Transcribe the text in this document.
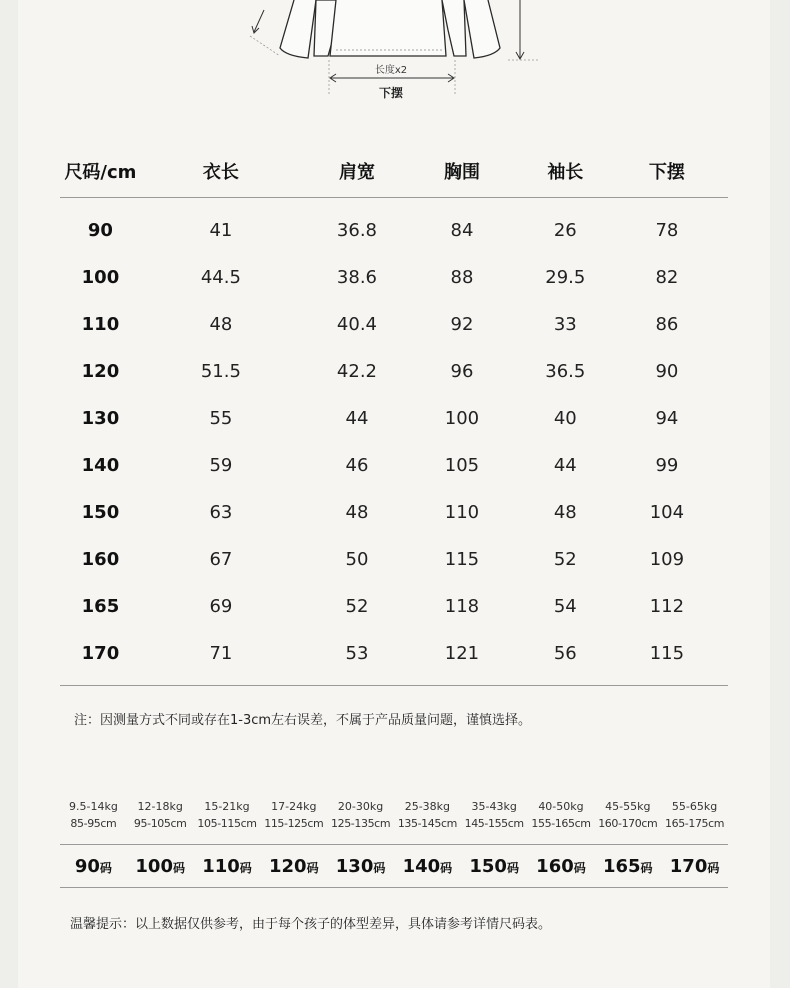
长度x2
下摆
尺码/cm	衣长	肩宽	胸围	袖长	下摆
90	41	36.8	84	26	78
100	44.5	38.6	88	29.5	82
110	48	40.4	92	33	86
120	51.5	42.2	96	36.5	90
130	55	44	100	40	94
140	59	46	105	44	99
150	63	48	110	48	104
160	67	50	115	52	109
165	69	52	118	54	112
170	71	53	121	56	115
注：因测量方式不同或存在1-3cm左右误差，不属于产品质量问题，谨慎选择。
9.5-14kg	12-18kg	15-21kg	17-24kg	20-30kg	25-38kg	35-43kg	40-50kg	45-55kg	55-65kg
85-95cm	95-105cm 105-115cm 115-125cm 125-135cm 135-145cm 145-155cm 155-165cm 160-170cm 165-175cm
90码	100码 110码 120码 130码 140码 150码 160码 165码 170码
温馨提示：以上数据仅供参考，由于每个孩子的体型差异，具体请参考详情尺码表。
